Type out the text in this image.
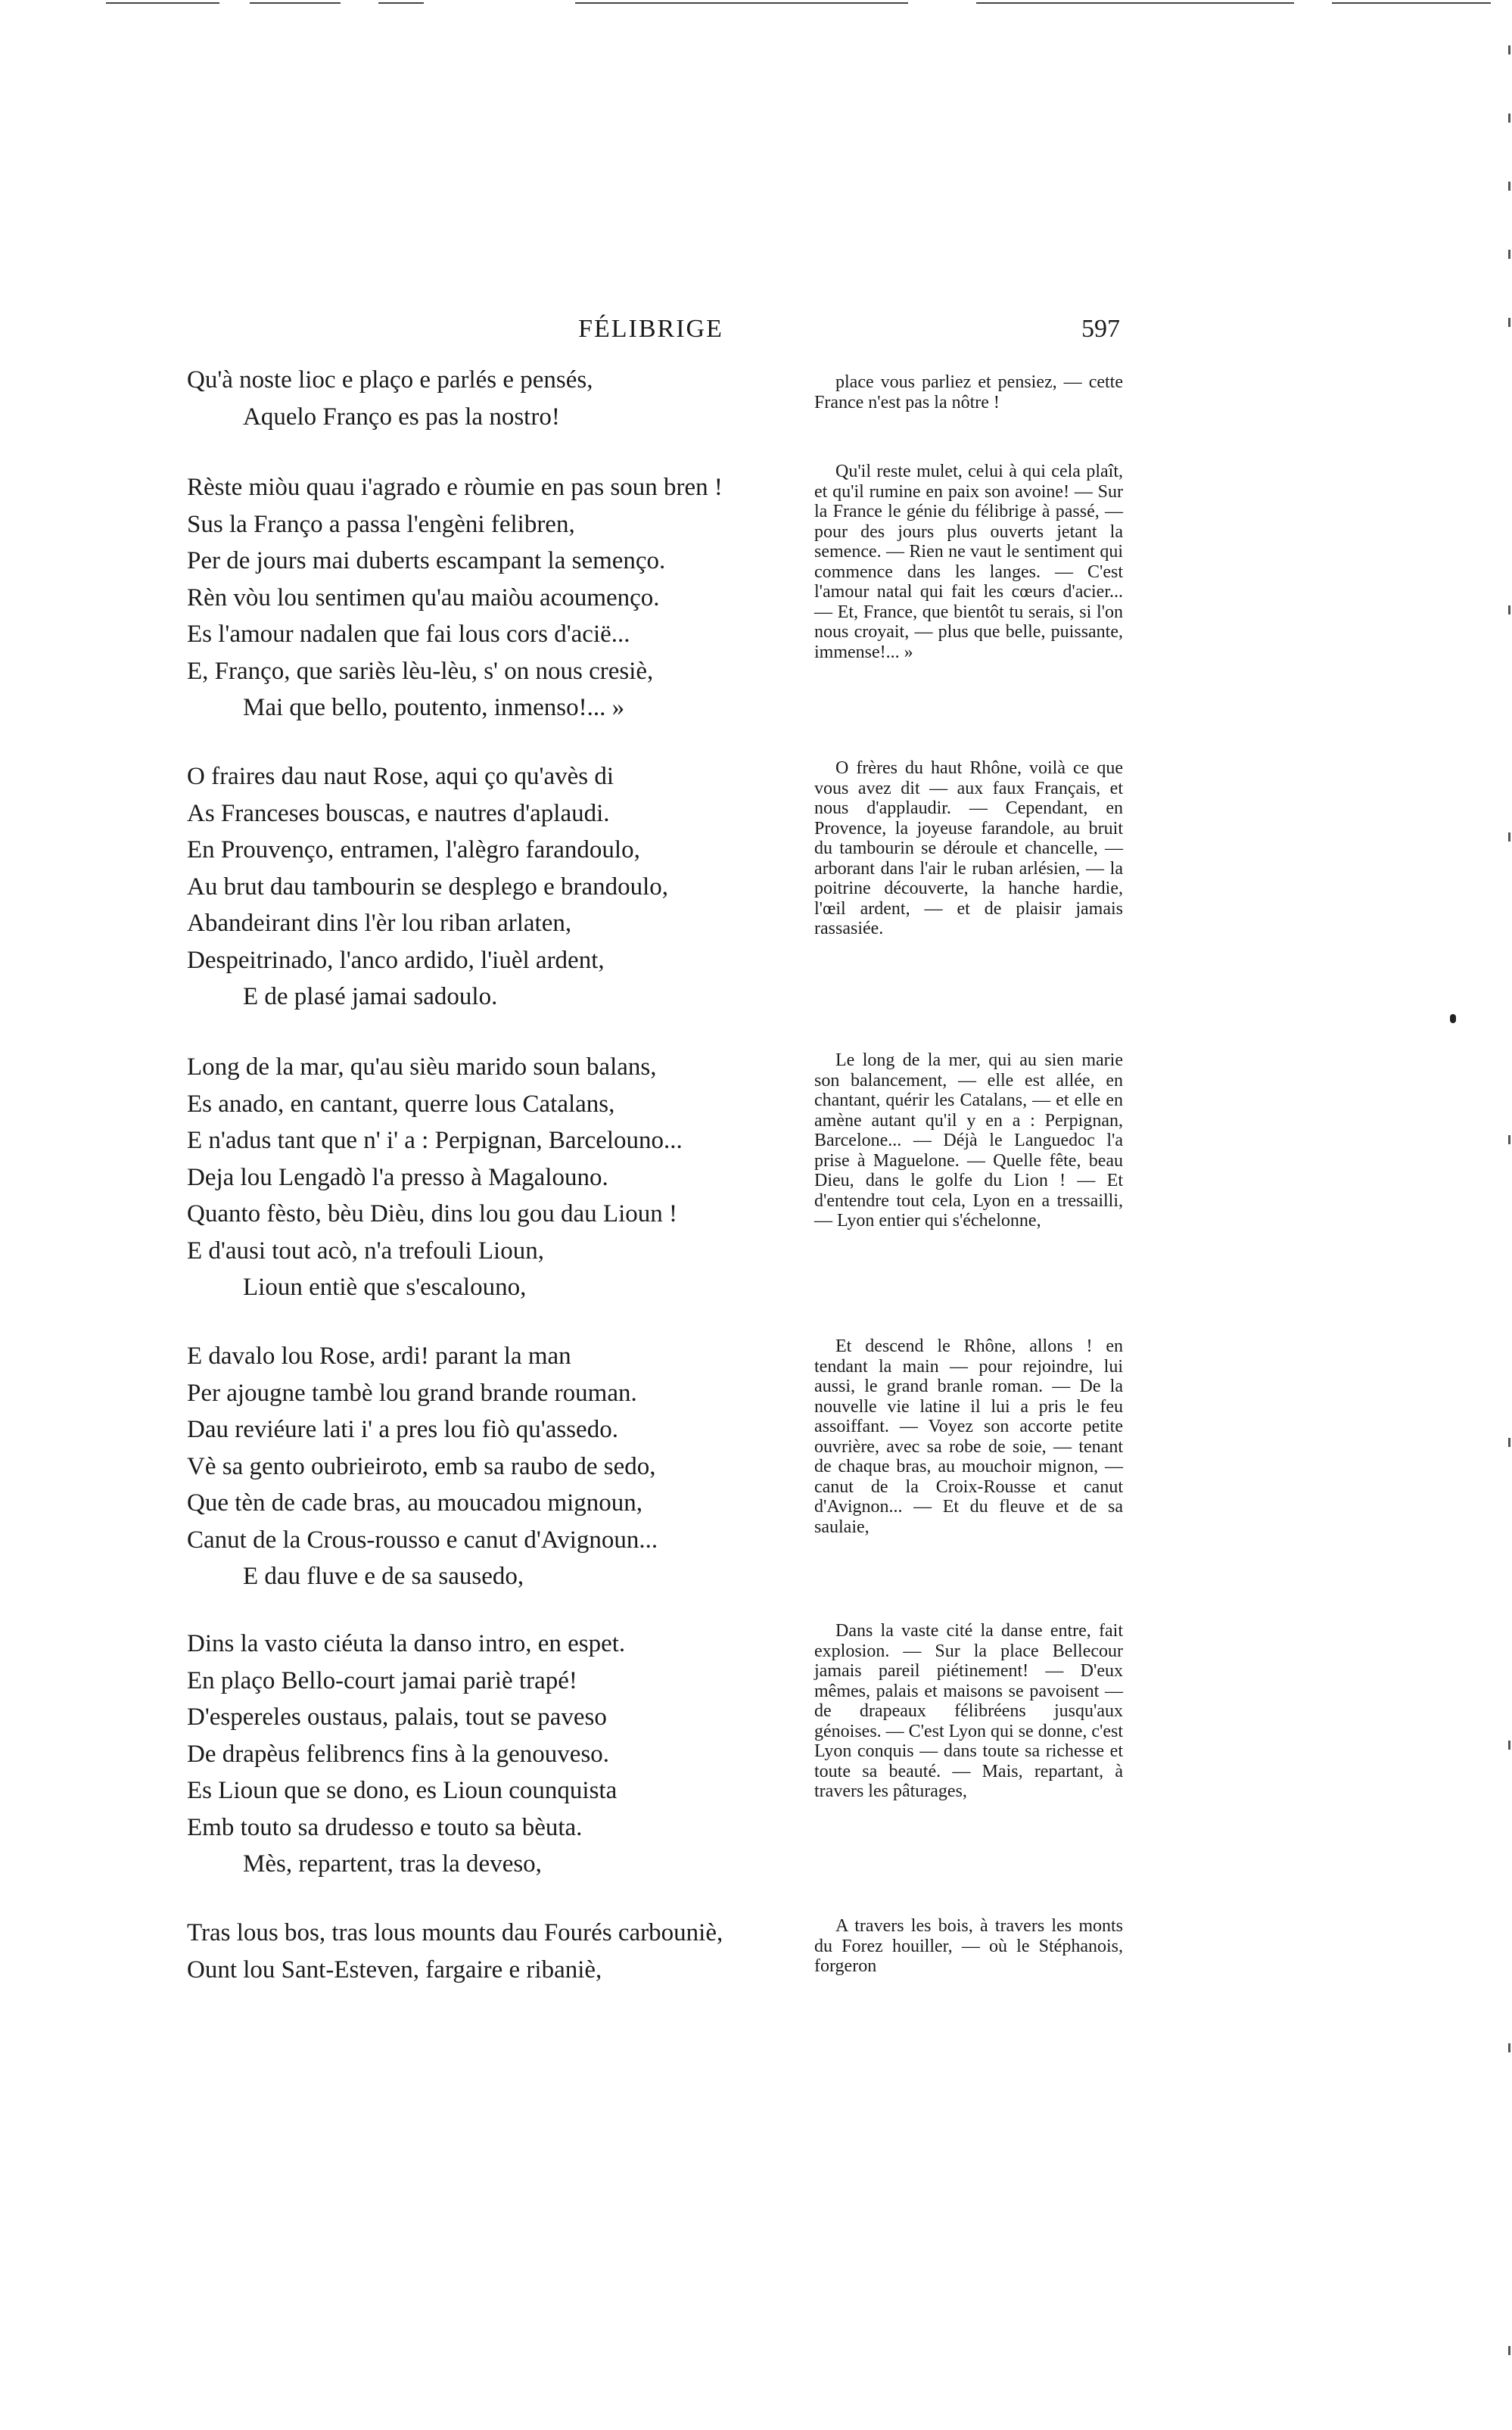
FÉLIBRIGE	597
Qu'à noste lioc e plaço e parlés e pensés,
Aquelo Franço es pas la nostro!
place vous parliez et pensiez, — cette France n'est pas la nôtre !
Rèste miòu quau i'agrado e ròumie en pas soun bren !
Sus la Franço a passa l'engèni felibren,
Per de jours mai duberts escampant la semenço.
Rèn vòu lou sentimen qu'au maiòu acoumenço.
Es l'amour nadalen que fai lous cors d'acië...
E, Franço, que sariès lèu-lèu, s' on nous cresiè,
Mai que bello, poutento, inmenso!... »
Qu'il reste mulet, celui à qui cela plaît, et qu'il rumine en paix son avoine! — Sur la France le génie du félibrige à passé, — pour des jours plus ouverts jetant la semence. — Rien ne vaut le sentiment qui commence dans les langes. — C'est l'amour natal qui fait les cœurs d'acier... — Et, France, que bientôt tu serais, si l'on nous croyait, — plus que belle, puissante, immense!... »
O fraires dau naut Rose, aqui ço qu'avès di
As Franceses bouscas, e nautres d'aplaudi.
En Prouvenço, entramen, l'alègro farandoulo,
Au brut dau tambourin se desplego e brandoulo,
Abandeirant dins l'èr lou riban arlaten,
Despeitrinado, l'anco ardido, l'iuèl ardent,
E de plasé jamai sadoulo.
O frères du haut Rhône, voilà ce que vous avez dit — aux faux Français, et nous d'applaudir. — Cependant, en Provence, la joyeuse farandole, au bruit du tambourin se déroule et chancelle, — arborant dans l'air le ruban arlésien, — la poitrine découverte, la hanche hardie, l'œil ardent, — et de plaisir jamais rassasiée.
Long de la mar, qu'au sièu marido soun balans,
Es anado, en cantant, querre lous Catalans,
E n'adus tant que n' i' a : Perpignan, Barcelouno...
Deja lou Lengadò l'a presso à Magalouno.
Quanto fèsto, bèu Dièu, dins lou gou dau Lioun !
E d'ausi tout acò, n'a trefouli Lioun,
Lioun entiè que s'escalouno,
Le long de la mer, qui au sien marie son balancement, — elle est allée, en chantant, quérir les Catalans, — et elle en amène autant qu'il y en a : Perpignan, Barcelone... — Déjà le Languedoc l'a prise à Maguelone. — Quelle fête, beau Dieu, dans le golfe du Lion ! — Et d'entendre tout cela, Lyon en a tressailli, — Lyon entier qui s'échelonne,
E davalo lou Rose, ardi! parant la man
Per ajougne tambè lou grand brande rouman.
Dau reviéure lati i' a pres lou fiò qu'assedo.
Vè sa gento oubrieiroto, emb sa raubo de sedo,
Que tèn de cade bras, au moucadou mignoun,
Canut de la Crous-rousso e canut d'Avignoun...
E dau fluve e de sa sausedo,
Et descend le Rhône, allons ! en tendant la main — pour rejoindre, lui aussi, le grand branle roman. — De la nouvelle vie latine il lui a pris le feu assoiffant. — Voyez son accorte petite ouvrière, avec sa robe de soie, — tenant de chaque bras, au mouchoir mignon, — canut de la Croix-Rousse et canut d'Avignon... — Et du fleuve et de sa saulaie,
Dins la vasto ciéuta la danso intro, en espet.
En plaço Bello-court jamai pariè trapé!
D'espereles oustaus, palais, tout se paveso
De drapèus felibrencs fins à la genouveso.
Es Lioun que se dono, es Lioun counquista
Emb touto sa drudesso e touto sa bèuta.
Mès, repartent, tras la deveso,
Dans la vaste cité la danse entre, fait explosion. — Sur la place Bellecour jamais pareil piétinement! — D'eux mêmes, palais et maisons se pavoisent — de drapeaux félibréens jusqu'aux génoises. — C'est Lyon qui se donne, c'est Lyon conquis — dans toute sa richesse et toute sa beauté. — Mais, repartant, à travers les pâturages,
Tras lous bos, tras lous mounts dau Fourés carbouniè,
Ount lou Sant-Esteven, fargaire e ribaniè,
A travers les bois, à travers les monts du Forez houiller, — où le Stéphanois, forgeron
